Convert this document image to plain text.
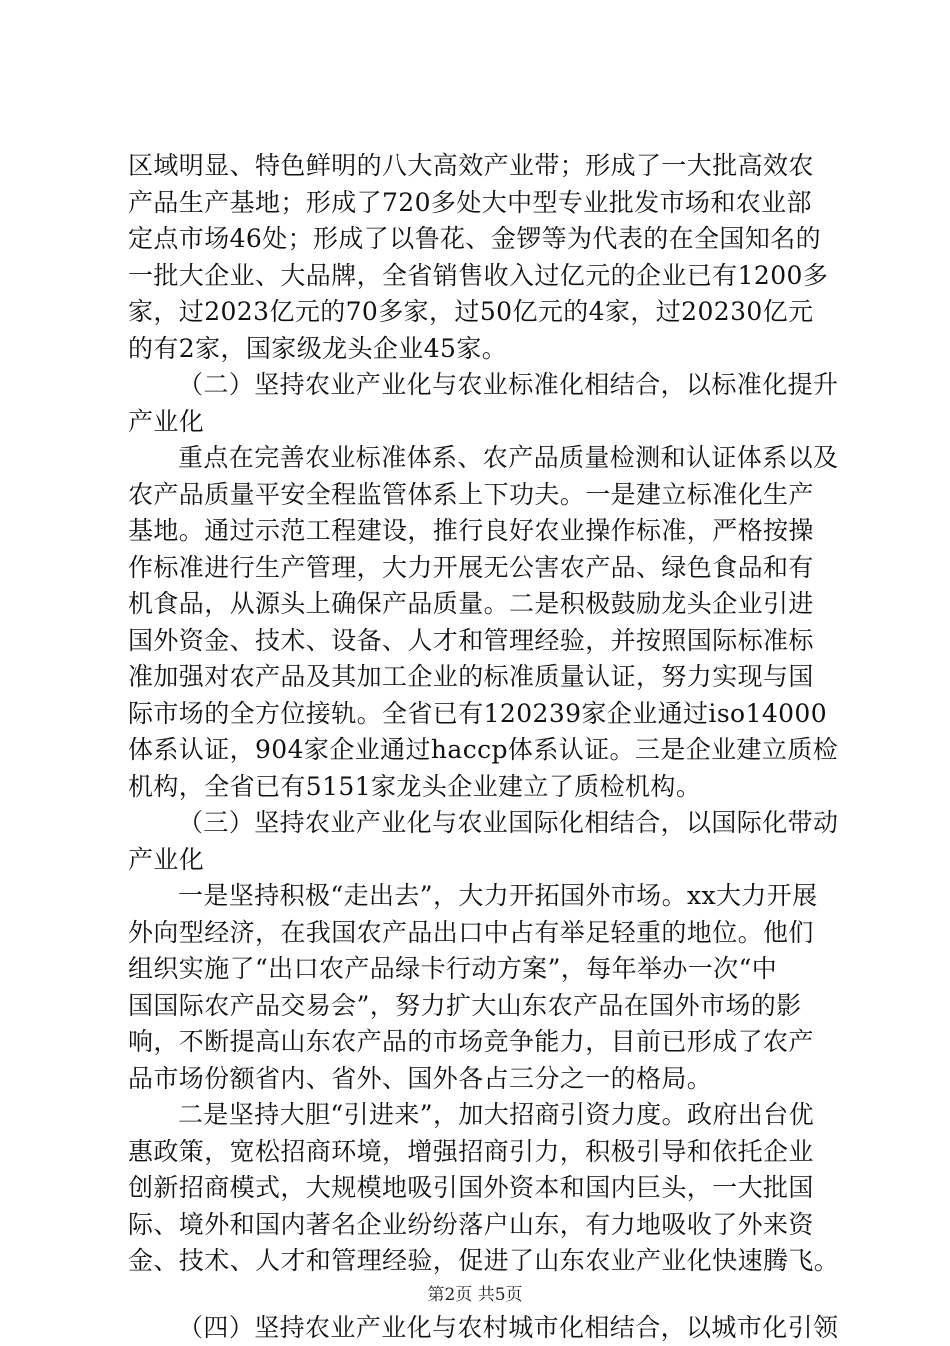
区域明显、特色鲜明的八大高效产业带；形成了一大批高效农
产品生产基地；形成了720多处大中型专业批发市场和农业部
定点市场46处；形成了以鲁花、金锣等为代表的在全国知名的
一批大企业、大品牌，全省销售收入过亿元的企业已有1200多
家，过2023亿元的70多家，过50亿元的4家，过20230亿元
的有2家，国家级龙头企业45家。
（二）坚持农业产业化与农业标准化相结合，以标准化提升
产业化
重点在完善农业标准体系、农产品质量检测和认证体系以及
农产品质量平安全程监管体系上下功夫。一是建立标准化生产
基地。通过示范工程建设，推行良好农业操作标准，严格按操
作标准进行生产管理，大力开展无公害农产品、绿色食品和有
机食品，从源头上确保产品质量。二是积极鼓励龙头企业引进
国外资金、技术、设备、人才和管理经验，并按照国际标准标
准加强对农产品及其加工企业的标准质量认证，努力实现与国
际市场的全方位接轨。全省已有120239家企业通过iso14000
体系认证，904家企业通过haccp体系认证。三是企业建立质检
机构，全省已有5151家龙头企业建立了质检机构。
（三）坚持农业产业化与农业国际化相结合，以国际化带动
产业化
一是坚持积极“走出去”，大力开拓国外市场。xx大力开展
外向型经济，在我国农产品出口中占有举足轻重的地位。他们
组织实施了“出口农产品绿卡行动方案”，每年举办一次“中
国国际农产品交易会”，努力扩大山东农产品在国外市场的影
响，不断提高山东农产品的市场竞争能力，目前已形成了农产
品市场份额省内、省外、国外各占三分之一的格局。
二是坚持大胆“引进来”，加大招商引资力度。政府出台优
惠政策，宽松招商环境，增强招商引力，积极引导和依托企业
创新招商模式，大规模地吸引国外资本和国内巨头，一大批国
际、境外和国内著名企业纷纷落户山东，有力地吸收了外来资
金、技术、人才和管理经验，促进了山东农业产业化快速腾飞。
（四）坚持农业产业化与农村城市化相结合，以城市化引领
第2页 共5页
